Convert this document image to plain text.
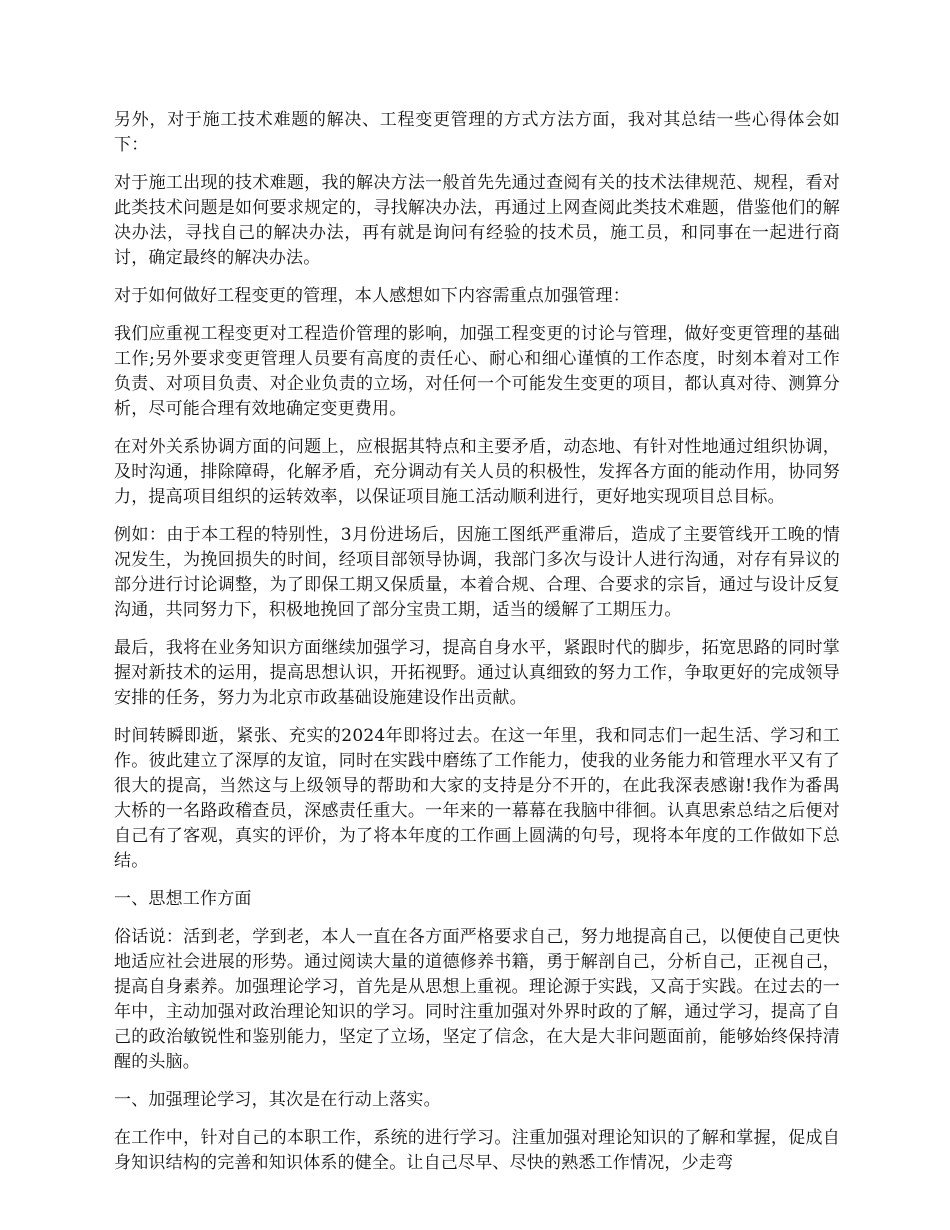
另外，对于施工技术难题的解决、工程变更管理的方式方法方面，我对其总结一些心得体会如下：

对于施工出现的技术难题，我的解决方法一般首先先通过查阅有关的技术法律规范、规程，看对此类技术问题是如何要求规定的，寻找解决办法，再通过上网查阅此类技术难题，借鉴他们的解决办法，寻找自己的解决办法，再有就是询问有经验的技术员，施工员，和同事在一起进行商讨，确定最终的解决办法。

对于如何做好工程变更的管理，本人感想如下内容需重点加强管理：

我们应重视工程变更对工程造价管理的影响，加强工程变更的讨论与管理，做好变更管理的基础工作;另外要求变更管理人员要有高度的责任心、耐心和细心谨慎的工作态度，时刻本着对工作负责、对项目负责、对企业负责的立场，对任何一个可能发生变更的项目，都认真对待、测算分析，尽可能合理有效地确定变更费用。

在对外关系协调方面的问题上，应根据其特点和主要矛盾，动态地、有针对性地通过组织协调，及时沟通，排除障碍，化解矛盾，充分调动有关人员的积极性，发挥各方面的能动作用，协同努力，提高项目组织的运转效率，以保证项目施工活动顺利进行，更好地实现项目总目标。

例如：由于本工程的特别性，3月份进场后，因施工图纸严重滞后，造成了主要管线开工晚的情况发生，为挽回损失的时间，经项目部领导协调，我部门多次与设计人进行沟通，对存有异议的部分进行讨论调整，为了即保工期又保质量，本着合规、合理、合要求的宗旨，通过与设计反复沟通，共同努力下，积极地挽回了部分宝贵工期，适当的缓解了工期压力。

最后，我将在业务知识方面继续加强学习，提高自身水平，紧跟时代的脚步，拓宽思路的同时掌握对新技术的运用，提高思想认识，开拓视野。通过认真细致的努力工作，争取更好的完成领导安排的任务，努力为北京市政基础设施建设作出贡献。

时间转瞬即逝，紧张、充实的2024年即将过去。在这一年里，我和同志们一起生活、学习和工作。彼此建立了深厚的友谊，同时在实践中磨练了工作能力，使我的业务能力和管理水平又有了很大的提高，当然这与上级领导的帮助和大家的支持是分不开的，在此我深表感谢!我作为番禺大桥的一名路政稽查员，深感责任重大。一年来的一幕幕在我脑中徘徊。认真思索总结之后便对自己有了客观，真实的评价，为了将本年度的工作画上圆满的句号，现将本年度的工作做如下总结。

一、思想工作方面

俗话说：活到老，学到老，本人一直在各方面严格要求自己，努力地提高自己，以便使自己更快地适应社会进展的形势。通过阅读大量的道德修养书籍，勇于解剖自己，分析自己，正视自己，提高自身素养。加强理论学习，首先是从思想上重视。理论源于实践，又高于实践。在过去的一年中，主动加强对政治理论知识的学习。同时注重加强对外界时政的了解，通过学习，提高了自己的政治敏锐性和鉴别能力，坚定了立场，坚定了信念，在大是大非问题面前，能够始终保持清醒的头脑。

一、加强理论学习，其次是在行动上落实。

在工作中，针对自己的本职工作，系统的进行学习。注重加强对理论知识的了解和掌握，促成自身知识结构的完善和知识体系的健全。让自己尽早、尽快的熟悉工作情况，少走弯
